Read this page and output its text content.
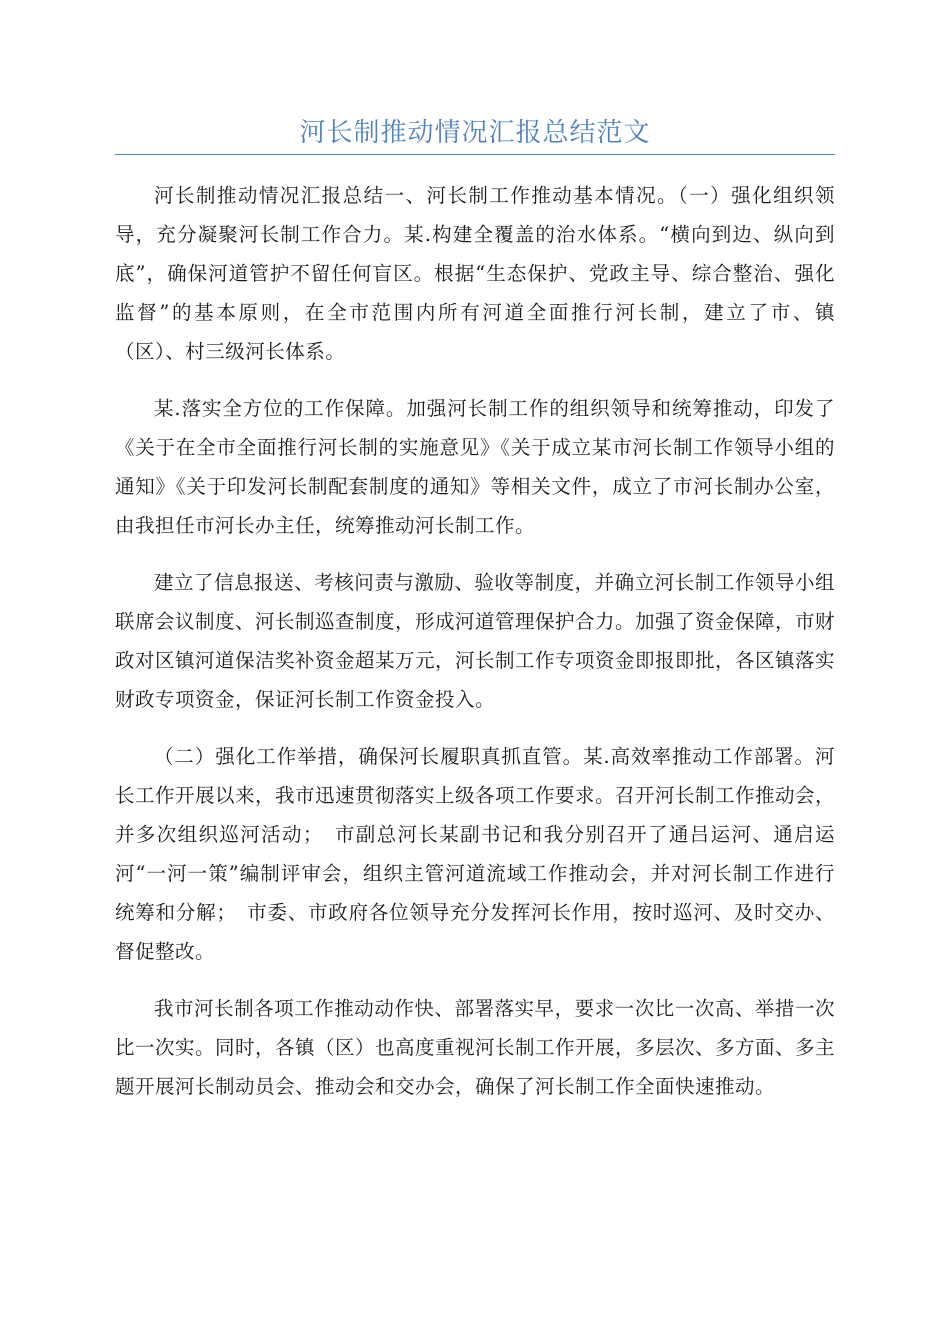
河长制推动情况汇报总结范文

河长制推动情况汇报总结一、河长制工作推动基本情况。（一）强化组织领导，充分凝聚河长制工作合力。某.构建全覆盖的治水体系。“横向到边、纵向到底”，确保河道管护不留任何盲区。根据“生态保护、党政主导、综合整治、强化监督”的基本原则，在全市范围内所有河道全面推行河长制，建立了市、镇（区）、村三级河长体系。

某.落实全方位的工作保障。加强河长制工作的组织领导和统筹推动，印发了《关于在全市全面推行河长制的实施意见》《关于成立某市河长制工作领导小组的通知》《关于印发河长制配套制度的通知》等相关文件，成立了市河长制办公室，由我担任市河长办主任，统筹推动河长制工作。

建立了信息报送、考核问责与激励、验收等制度，并确立河长制工作领导小组联席会议制度、河长制巡查制度，形成河道管理保护合力。加强了资金保障，市财政对区镇河道保洁奖补资金超某万元，河长制工作专项资金即报即批，各区镇落实财政专项资金，保证河长制工作资金投入。

（二）强化工作举措，确保河长履职真抓直管。某.高效率推动工作部署。河长工作开展以来，我市迅速贯彻落实上级各项工作要求。召开河长制工作推动会，并多次组织巡河活动；　市副总河长某副书记和我分别召开了通吕运河、通启运河“一河一策”编制评审会，组织主管河道流域工作推动会，并对河长制工作进行统筹和分解；　市委、市政府各位领导充分发挥河长作用，按时巡河、及时交办、督促整改。

我市河长制各项工作推动动作快、部署落实早，要求一次比一次高、举措一次比一次实。同时，各镇（区）也高度重视河长制工作开展，多层次、多方面、多主题开展河长制动员会、推动会和交办会，确保了河长制工作全面快速推动。
